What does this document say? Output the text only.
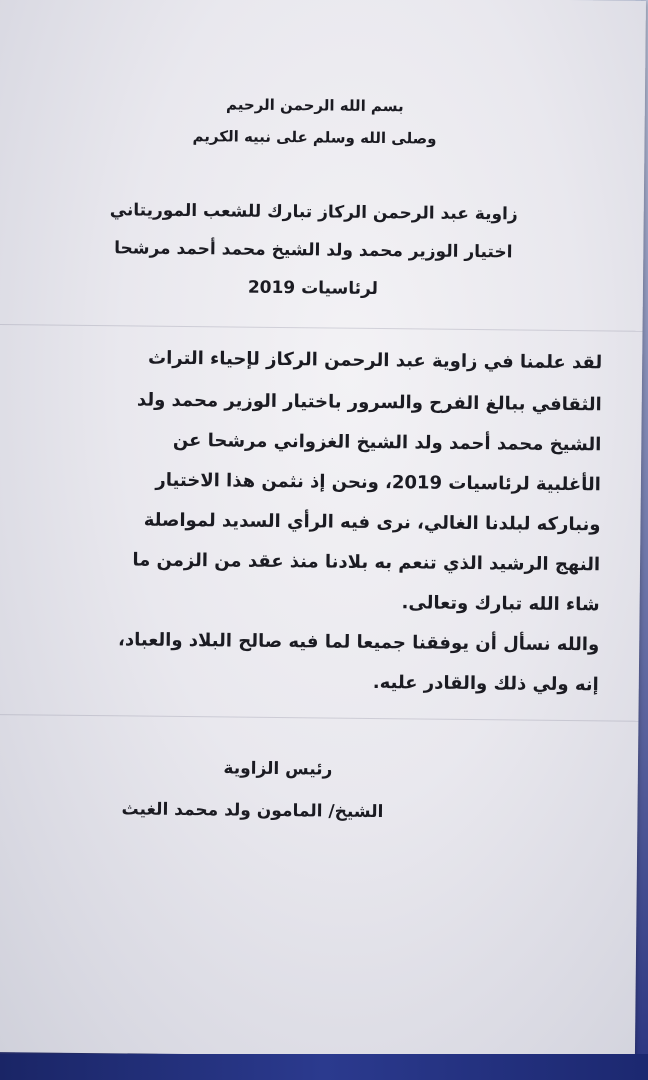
بسم الله الرحمن الرحيم
وصلى الله وسلم على نبيه الكريم
زاوية عبد الرحمن الركاز تبارك للشعب الموريتاني
اختيار الوزير محمد ولد الشيخ محمد أحمد مرشحا
لرئاسيات 2019
لقد علمنا في زاوية عبد الرحمن الركاز لإحياء التراث
الثقافي ببالغ الفرح والسرور باختيار الوزير محمد ولد
الشيخ محمد أحمد ولد الشيخ الغزواني مرشحا عن
الأغلبية لرئاسيات 2019، ونحن إذ نثمن هذا الاختيار
ونباركه لبلدنا الغالي، نرى فيه الرأي السديد لمواصلة
النهج الرشيد الذي تنعم به بلادنا منذ عقد من الزمن ما
شاء الله تبارك وتعالى.
والله نسأل أن يوفقنا جميعا لما فيه صالح البلاد والعباد،
إنه ولي ذلك والقادر عليه.
رئيس الزاوية
الشيخ/ المامون ولد محمد الغيث
